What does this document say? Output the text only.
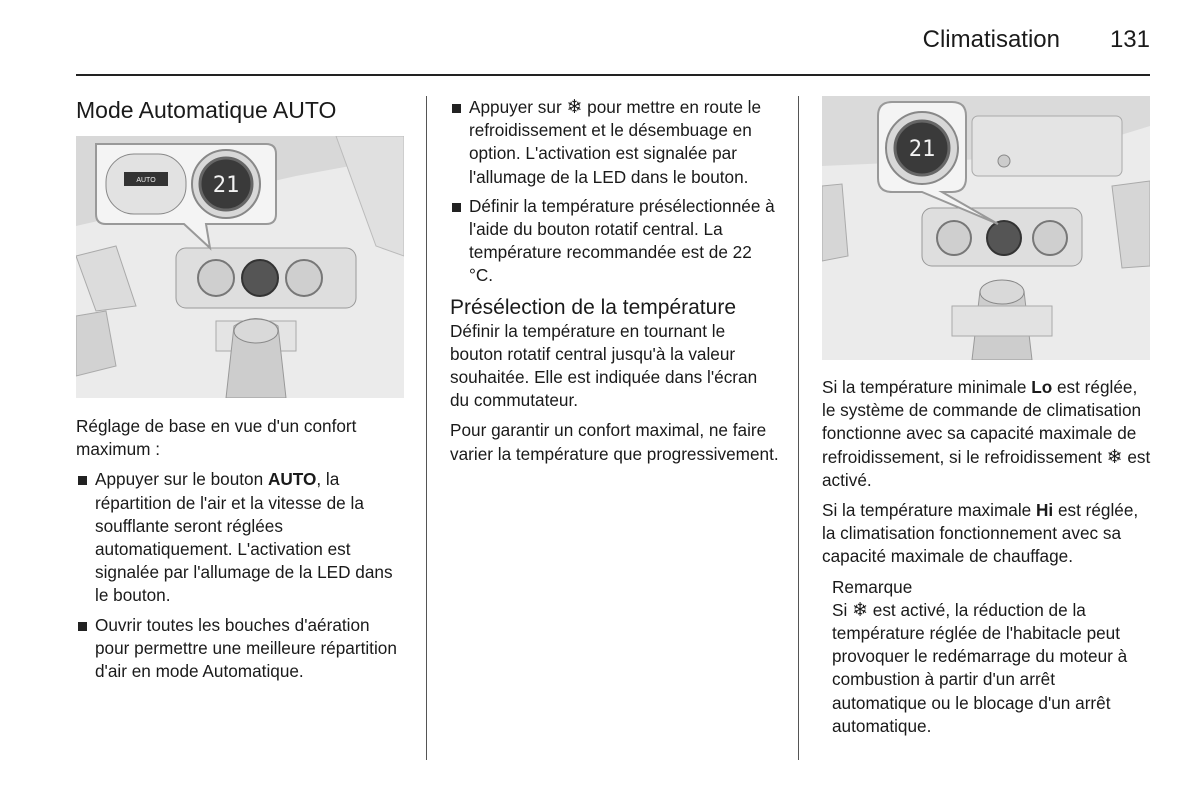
Climatisation	131
Mode Automatique AUTO
AUTO	21

Réglage de base en vue d'un confort maximum :

Appuyer sur le bouton AUTO, la répartition de l'air et la vitesse de la soufflante seront réglées automatiquement. L'activation est signalée par l'allumage de la LED dans le bouton.
Ouvrir toutes les bouches d'aération pour permettre une meilleure répartition d'air en mode Automatique.
Appuyer sur ❄ pour mettre en route le refroidissement et le désembuage en option. L'activation est signalée par l'allumage de la LED dans le bouton.
Définir la température présélectionnée à l'aide du bouton rotatif central. La température recommandée est de 22 °C.
Présélection de la température

Définir la température en tournant le bouton rotatif central jusqu'à la valeur souhaitée. Elle est indiquée dans l'écran du commutateur.

Pour garantir un confort maximal, ne faire varier la température que progressivement.

21

Si la température minimale Lo est réglée, le système de commande de climatisation fonctionne avec sa capacité maximale de refroidissement, si le refroidissement ❄ est activé.

Si la température maximale Hi est réglée, la climatisation fonctionnement avec sa capacité maximale de chauffage.

Remarque
Si ❄ est activé, la réduction de la température réglée de l'habitacle peut provoquer le redémarrage du moteur à combustion à partir d'un arrêt automatique ou le blocage d'un arrêt automatique.
